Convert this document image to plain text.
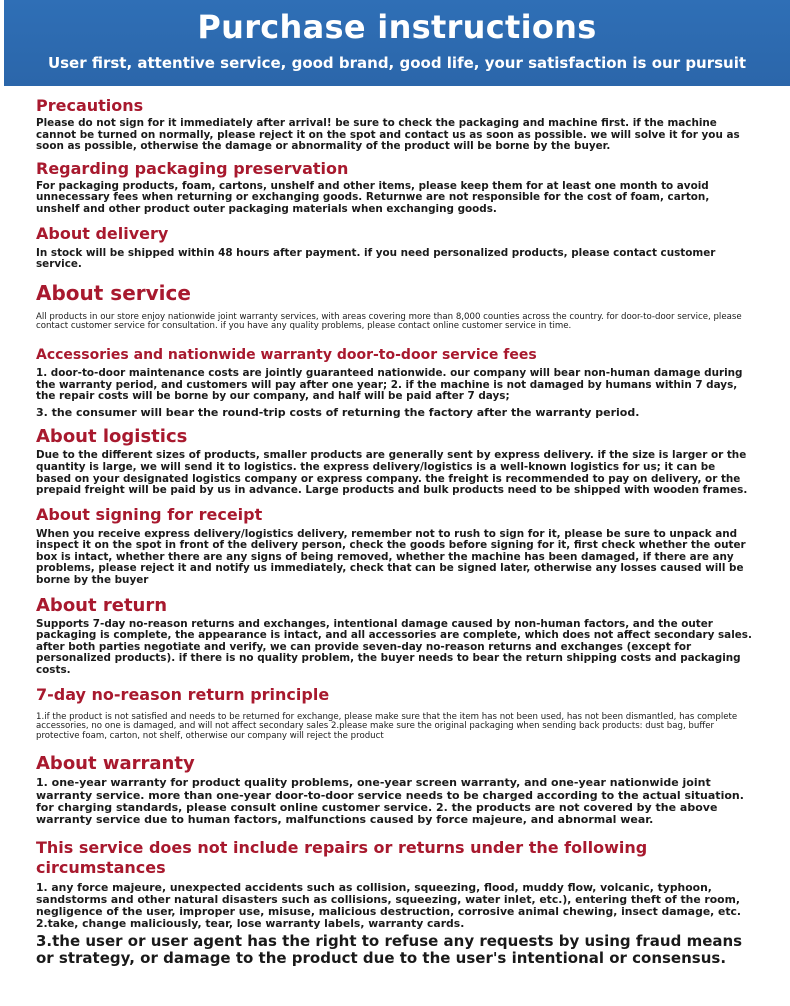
Purchase instructions
User first, attentive service, good brand, good life, your satisfaction is our pursuit
Precautions
Please do not sign for it immediately after arrival! be sure to check the packaging and machine first. if the machine cannot be turned on normally, please reject it on the spot and contact us as soon as possible. we will solve it for you as soon as possible, otherwise the damage or abnormality of the product will be borne by the buyer.
Regarding packaging preservation
For packaging products, foam, cartons, unshelf and other items, please keep them for at least one month to avoid unnecessary fees when returning or exchanging goods. Returnwe are not responsible for the cost of foam, carton, unshelf and other product outer packaging materials when exchanging goods.
About delivery
In stock will be shipped within 48 hours after payment. if you need personalized products, please contact customer service.
About service
All products in our store enjoy nationwide joint warranty services, with areas covering more than 8,000 counties across the country. for door-to-door service, please contact customer service for consultation. if you have any quality problems, please contact online customer service in time.
Accessories and nationwide warranty door-to-door service fees
1. door-to-door maintenance costs are jointly guaranteed nationwide. our company will bear non-human damage during the warranty period, and customers will pay after one year; 2. if the machine is not damaged by humans within 7 days, the repair costs will be borne by our company, and half will be paid after 7 days;
3. the consumer will bear the round-trip costs of returning the factory after the warranty period.
About logistics
Due to the different sizes of products, smaller products are generally sent by express delivery. if the size is larger or the quantity is large, we will send it to logistics. the express delivery/logistics is a well-known logistics for us; it can be based on your designated logistics company or express company. the freight is recommended to pay on delivery, or the prepaid freight will be paid by us in advance. Large products and bulk products need to be shipped with wooden frames.
About signing for receipt
When you receive express delivery/logistics delivery, remember not to rush to sign for it, please be sure to unpack and inspect it on the spot in front of the delivery person, check the goods before signing for it, first check whether the outer box is intact, whether there are any signs of being removed, whether the machine has been damaged, if there are any problems, please reject it and notify us immediately, check that can be signed later, otherwise any losses caused will be borne by the buyer
About return
Supports 7-day no-reason returns and exchanges, intentional damage caused by non-human factors, and the outer packaging is complete, the appearance is intact, and all accessories are complete, which does not affect secondary sales. after both parties negotiate and verify, we can provide seven-day no-reason returns and exchanges (except for personalized products). if there is no quality problem, the buyer needs to bear the return shipping costs and packaging costs.
7-day no-reason return principle
1.if the product is not satisfied and needs to be returned for exchange, please make sure that the item has not been used, has not been dismantled, has complete accessories, no one is damaged, and will not affect secondary sales 2.please make sure the original packaging when sending back products: dust bag, buffer protective foam, carton, not shelf, otherwise our company will reject the product
About warranty
1. one-year warranty for product quality problems, one-year screen warranty, and one-year nationwide joint warranty service. more than one-year door-to-door service needs to be charged according to the actual situation. for charging standards, please consult online customer service. 2. the products are not covered by the above warranty service due to human factors, malfunctions caused by force majeure, and abnormal wear.
This service does not include repairs or returns under the following circumstances
1. any force majeure, unexpected accidents such as collision, squeezing, flood, muddy flow, volcanic, typhoon, sandstorms and other natural disasters such as collisions, squeezing, water inlet, etc.), entering theft of the room, negligence of the user, improper use, misuse, malicious destruction, corrosive animal chewing, insect damage, etc. 2.take, change maliciously, tear, lose warranty labels, warranty cards.
3.the user or user agent has the right to refuse any requests by using fraud means or strategy, or damage to the product due to the user's intentional or consensus.
